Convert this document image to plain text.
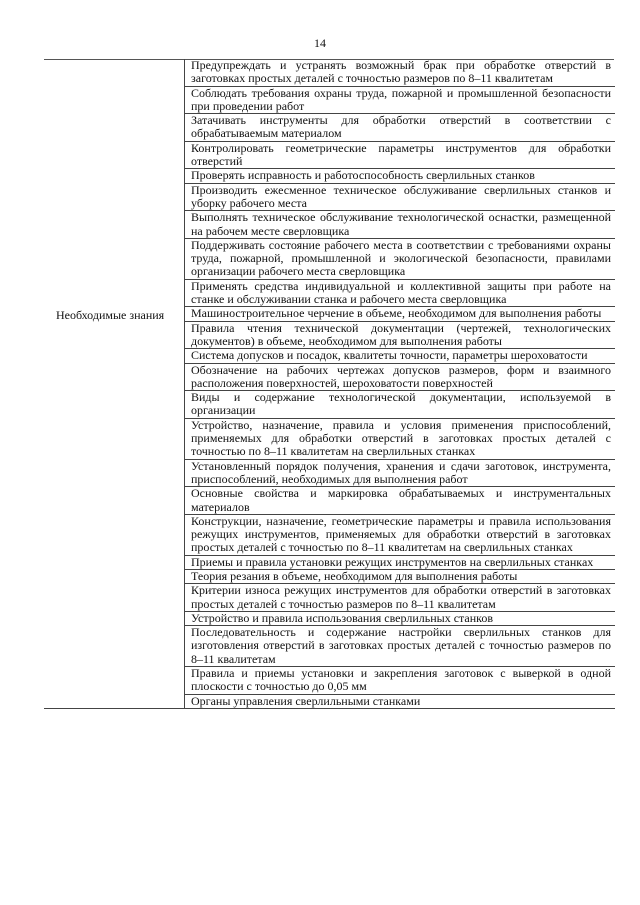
14
	Предупреждать и устранять возможный брак при обработке отверстий в заготовках простых деталей с точностью размеров по 8–11 квалитетам
	Соблюдать требования охраны труда, пожарной и промышленной безопасности при проведении работ
	Затачивать инструменты для обработки отверстий в соответствии с обрабатываемым материалом
	Контролировать геометрические параметры инструментов для обработки отверстий
	Проверять исправность и работоспособность сверлильных станков
	Производить ежесменное техническое обслуживание сверлильных станков и уборку рабочего места
	Выполнять техническое обслуживание технологической оснастки, размещенной на рабочем месте сверловщика
	Поддерживать состояние рабочего места в соответствии с требованиями охраны труда, пожарной, промышленной и экологической безопасности, правилами организации рабочего места сверловщика
	Применять средства индивидуальной и коллективной защиты при работе на станке и обслуживании станка и рабочего места сверловщика
Необходимые знания	Машиностроительное черчение в объеме, необходимом для выполнения работы
	Правила чтения технической документации (чертежей, технологических документов) в объеме, необходимом для выполнения работы
	Система допусков и посадок, квалитеты точности, параметры шероховатости
	Обозначение на рабочих чертежах допусков размеров, форм и взаимного расположения поверхностей, шероховатости поверхностей
	Виды и содержание технологической документации, используемой в организации
	Устройство, назначение, правила и условия применения приспособлений, применяемых для обработки отверстий в заготовках простых деталей с точностью по 8–11 квалитетам на сверлильных станках
	Установленный порядок получения, хранения и сдачи заготовок, инструмента, приспособлений, необходимых для выполнения работ
	Основные свойства и маркировка обрабатываемых и инструментальных материалов
	Конструкции, назначение, геометрические параметры и правила использования режущих инструментов, применяемых для обработки отверстий в заготовках простых деталей с точностью по 8–11 квалитетам на сверлильных станках
	Приемы и правила установки режущих инструментов на сверлильных станках
	Теория резания в объеме, необходимом для выполнения работы
	Критерии износа режущих инструментов для обработки отверстий в заготовках простых деталей с точностью размеров по 8–11 квалитетам
	Устройство и правила использования сверлильных станков
	Последовательность и содержание настройки сверлильных станков для изготовления отверстий в заготовках простых деталей с точностью размеров по 8–11 квалитетам
	Правила и приемы установки и закрепления заготовок с выверкой в одной плоскости с точностью до 0,05 мм
	Органы управления сверлильными станками
